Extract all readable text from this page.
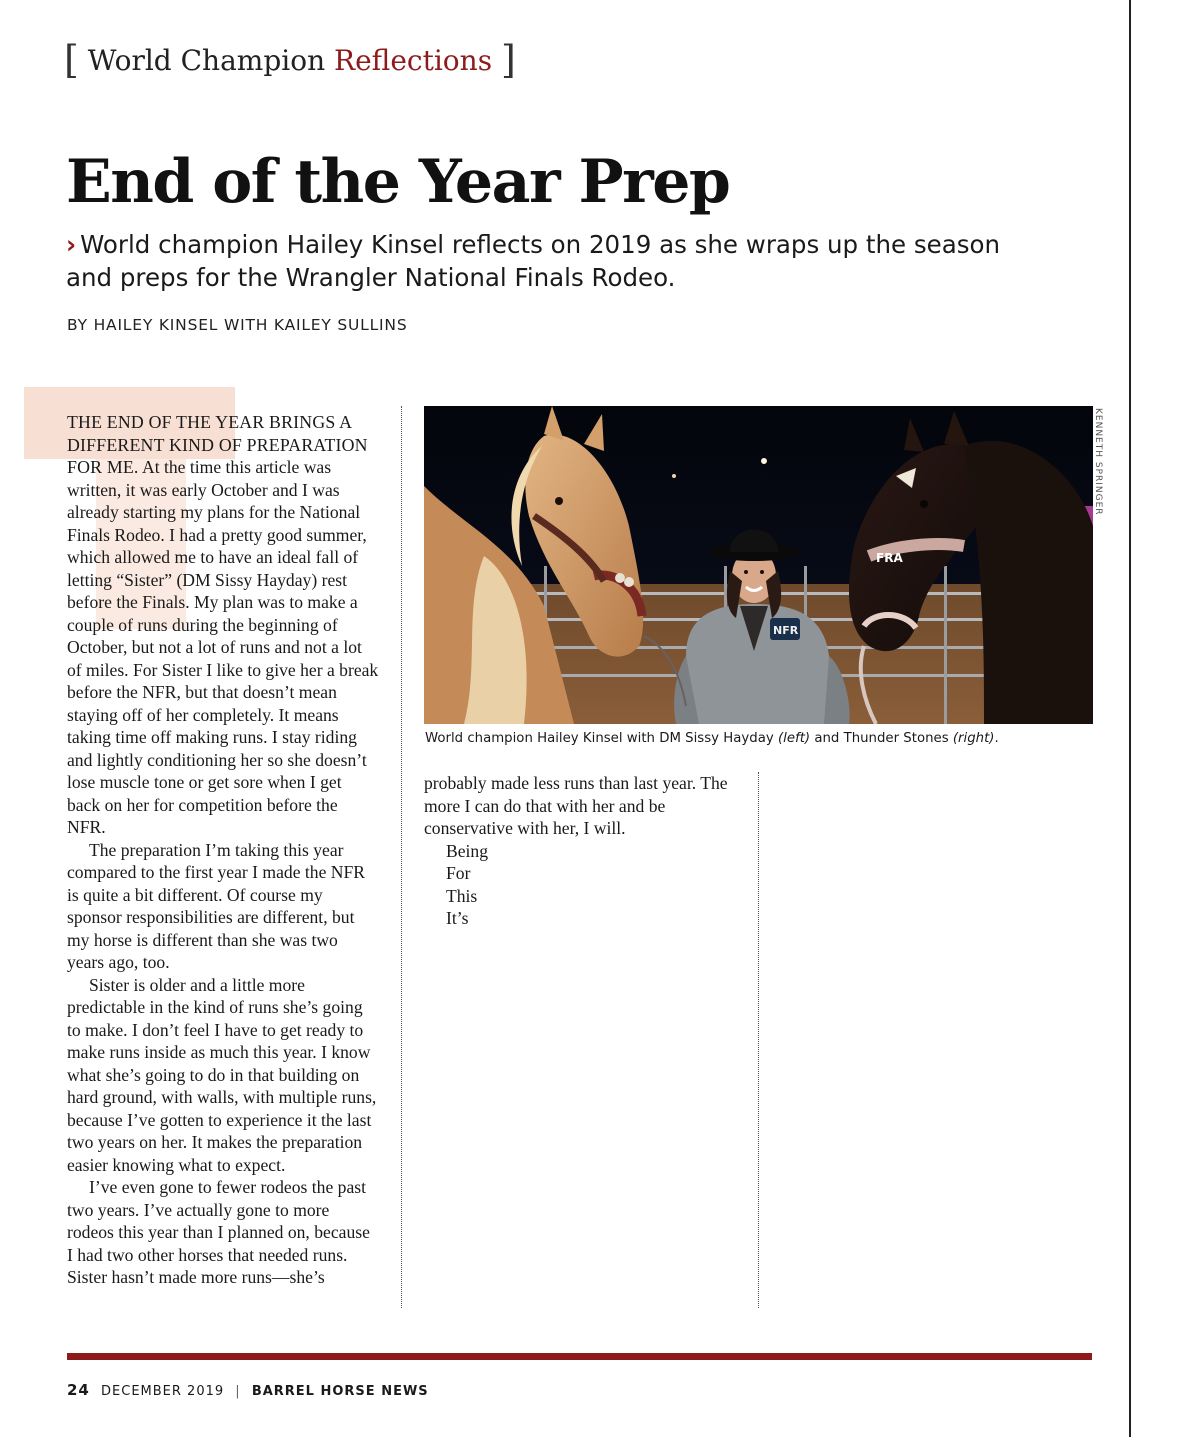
[ World Champion Reflections ]
End of the Year Prep

› World champion Hailey Kinsel reflects on 2019 as she wraps up the season and preps for the Wrangler National Finals Rodeo.

BY HAILEY KINSEL WITH KAILEY SULLINS
FRA
NFR
KENNETH SPRINGER
World champion Hailey Kinsel with DM Sissy Hayday (left) and Thunder Stones (right).

THE END OF THE YEAR BRINGS A DIFFERENT KIND OF PREPARATION FOR ME. At the time this article was written, it was early October and I was already starting my plans for the National Finals Rodeo. I had a pretty good summer, which allowed me to have an ideal fall of letting “Sister” (DM Sissy Hayday) rest before the Finals. My plan was to make a couple of runs during the beginning of October, but not a lot of runs and not a lot of miles. For Sister I like to give her a break before the NFR, but that doesn’t mean staying off of her completely. It means taking time off making runs. I stay riding and lightly conditioning her so she doesn’t lose muscle tone or get sore when I get back on her for competition before the NFR.

The preparation I’m taking this year compared to the first year I made the NFR is quite a bit different. Of course my sponsor responsibilities are different, but my horse is different than she was two years ago, too.

Sister is older and a little more predictable in the kind of runs she’s going to make. I don’t feel I have to get ready to make runs inside as much this year. I know what she’s going to do in that building on hard ground, with walls, with multiple runs, because I’ve gotten to experience it the last two years on her. It makes the preparation easier knowing what to expect.

I’ve even gone to fewer rodeos the past two years. I’ve actually gone to more rodeos this year than I planned on, because I had two other horses that needed runs. Sister hasn’t made more runs—she’s

probably made less runs than last year. The more I can do that with her and be conservative with her, I will.

Being

For

This

It’s

24 DECEMBER 2019 | BARREL HORSE NEWS
